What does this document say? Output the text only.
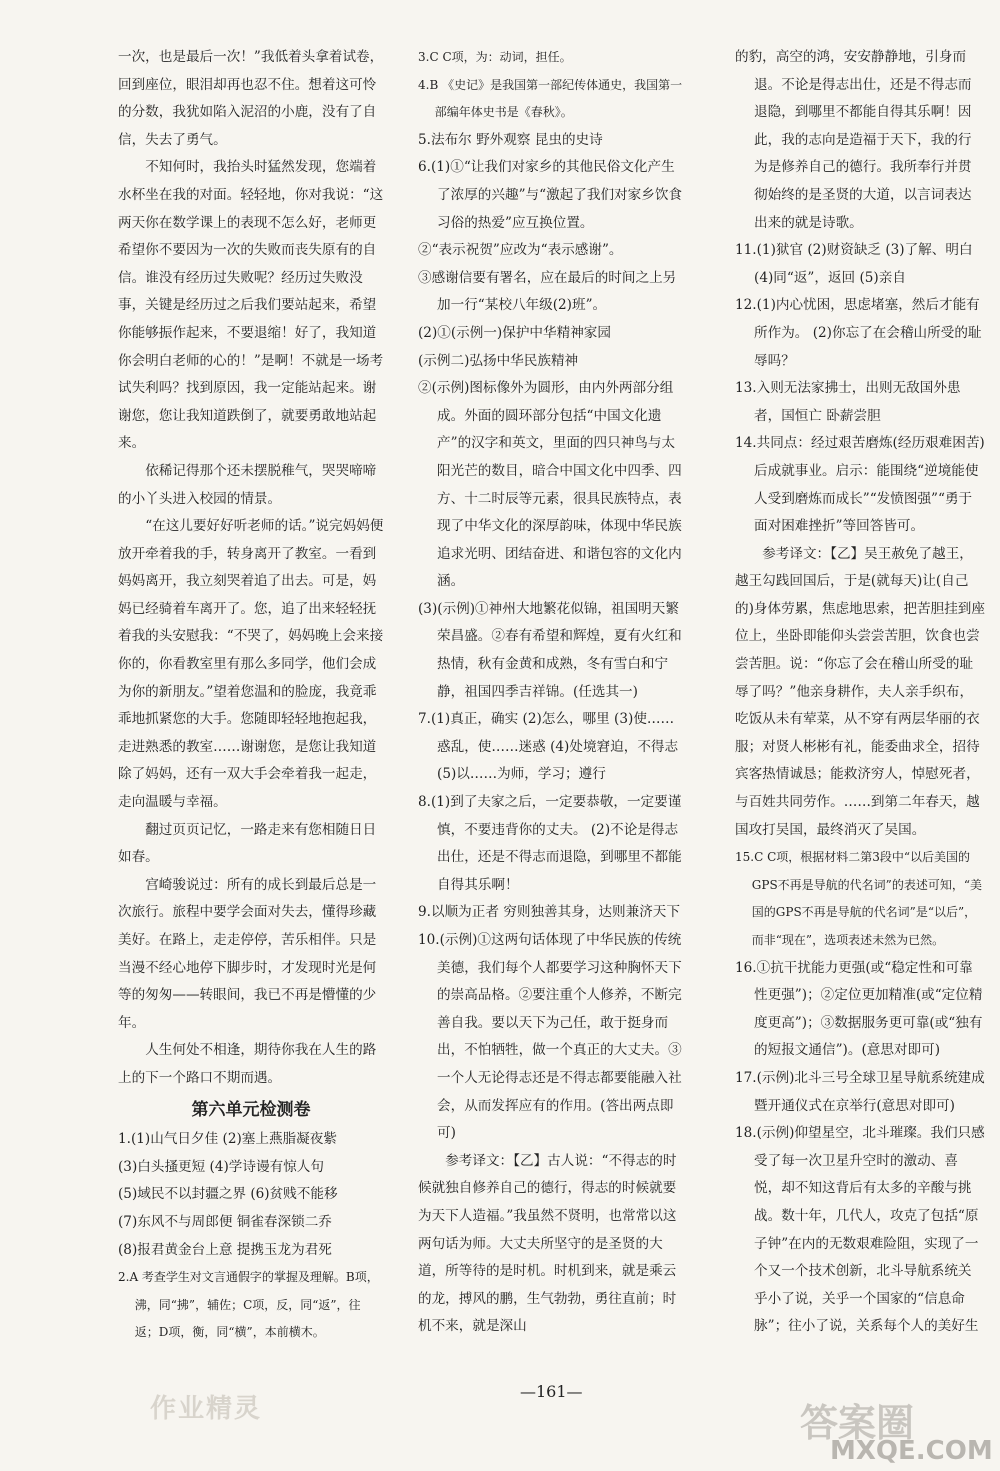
一次，也是最后一次！”我低着头拿着试卷，回到座位，眼泪却再也忍不住。想着这可怜的分数，我犹如陷入泥沼的小鹿，没有了自信，失去了勇气。
不知何时，我抬头时猛然发现，您端着水杯坐在我的对面。轻轻地，你对我说：“这两天你在数学课上的表现不怎么好，老师更希望你不要因为一次的失败而丧失原有的自信。谁没有经历过失败呢？经历过失败没事，关键是经历过之后我们要站起来，希望你能够振作起来，不要退缩！好了，我知道你会明白老师的心的！”是啊！不就是一场考试失利吗？找到原因，我一定能站起来。谢谢您，您让我知道跌倒了，就要勇敢地站起来。
依稀记得那个还未摆脱稚气，哭哭啼啼的小丫头进入校园的情景。
“在这儿要好好听老师的话。”说完妈妈便放开牵着我的手，转身离开了教室。一看到妈妈离开，我立刻哭着追了出去。可是，妈妈已经骑着车离开了。您，追了出来轻轻抚着我的头安慰我：“不哭了，妈妈晚上会来接你的，你看教室里有那么多同学，他们会成为你的新朋友。”望着您温和的脸庞，我竟乖乖地抓紧您的大手。您随即轻轻地抱起我，走进熟悉的教室……谢谢您，是您让我知道除了妈妈，还有一双大手会牵着我一起走，走向温暖与幸福。
翻过页页记忆，一路走来有您相随日日如春。
宫崎骏说过：所有的成长到最后总是一次旅行。旅程中要学会面对失去，懂得珍藏美好。在路上，走走停停，苦乐相伴。只是当漫不经心地停下脚步时，才发现时光是何等的匆匆——转眼间，我已不再是懵懂的少年。
人生何处不相逢，期待你我在人生的路上的下一个路口不期而遇。
第六单元检测卷
1.(1)山气日夕佳 (2)塞上燕脂凝夜紫
(3)白头搔更短 (4)学诗谩有惊人句
(5)域民不以封疆之界 (6)贫贱不能移
(7)东风不与周郎便 铜雀春深锁二乔
(8)报君黄金台上意 提携玉龙为君死
2.A 考查学生对文言通假字的掌握及理解。B项，沸，同“拂”，辅佐；C项，反，同“返”，往返；D项，衡，同“横”，本前横木。
3.C C项，为：动词，担任。
4.B 《史记》是我国第一部纪传体通史，我国第一部编年体史书是《春秋》。
5.法布尔 野外观察 昆虫的史诗
6.(1)①“让我们对家乡的其他民俗文化产生了浓厚的兴趣”与“激起了我们对家乡饮食习俗的热爱”应互换位置。
②“表示祝贺”应改为“表示感谢”。
③感谢信要有署名，应在最后的时间之上另加一行“某校八年级(2)班”。
(2)①(示例一)保护中华精神家园
(示例二)弘扬中华民族精神
②(示例)图标像外为圆形，由内外两部分组成。外面的圆环部分包括“中国文化遗产”的汉字和英文，里面的四只神鸟与太阳光芒的数目，暗合中国文化中四季、四方、十二时辰等元素，很具民族特点，表现了中华文化的深厚韵味，体现中华民族追求光明、团结奋进、和谐包容的文化内涵。
(3)(示例)①神州大地繁花似锦，祖国明天繁荣昌盛。②春有希望和辉煌，夏有火红和热情，秋有金黄和成熟，冬有雪白和宁静，祖国四季吉祥锦。(任选其一)
7.(1)真正，确实 (2)怎么，哪里 (3)使……惑乱，使……迷惑 (4)处境窘迫，不得志 (5)以……为师，学习；遵行
8.(1)到了夫家之后，一定要恭敬，一定要谨慎，不要违背你的丈夫。 (2)不论是得志出仕，还是不得志而退隐，到哪里不都能自得其乐啊！
9.以顺为正者 穷则独善其身，达则兼济天下
10.(示例)①这两句话体现了中华民族的传统美德，我们每个人都要学习这种胸怀天下的崇高品格。②要注重个人修养，不断完善自我。要以天下为己任，敢于挺身而出，不怕牺牲，做一个真正的大丈夫。③一个人无论得志还是不得志都要能融入社会，从而发挥应有的作用。(答出两点即可)
参考译文：【乙】古人说：“不得志的时候就独自修养自己的德行，得志的时候就要为天下人造福。”我虽然不贤明，也常常以这两句话为师。大丈夫所坚守的是圣贤的大道，所等待的是时机。时机到来，就是乘云的龙，搏风的鹏，生气勃勃，勇往直前；时机不来，就是深山
的豹，高空的鸿，安安静静地，引身而退。不论是得志出仕，还是不得志而退隐，到哪里不都能自得其乐啊！因此，我的志向是造福于天下，我的行为是修养自己的德行。我所奉行并贯彻始终的是圣贤的大道，以言词表达出来的就是诗歌。
11.(1)狱官 (2)财资缺乏 (3)了解、明白 (4)同“返”，返回 (5)亲自
12.(1)内心忧困，思虑堵塞，然后才能有所作为。 (2)你忘了在会稽山所受的耻辱吗？
13.入则无法家拂士，出则无敌国外患者，国恒亡 卧薪尝胆
14.共同点：经过艰苦磨炼(经历艰难困苦)后成就事业。启示：能围绕“逆境能使人受到磨炼而成长”“发愤图强”“勇于面对困难挫折”等回答皆可。
参考译文：【乙】吴王赦免了越王，越王勾践回国后，于是(就每天)让(自己的)身体劳累，焦虑地思索，把苦胆挂到座位上，坐卧即能仰头尝尝苦胆，饮食也尝尝苦胆。说：“你忘了会在稽山所受的耻辱了吗？”他亲身耕作，夫人亲手织布，吃饭从未有荤菜，从不穿有两层华丽的衣服；对贤人彬彬有礼，能委曲求全，招待宾客热情诚恳；能救济穷人，悼慰死者，与百姓共同劳作。……到第二年春天，越国攻打吴国，最终消灭了吴国。
15.C C项，根据材料二第3段中“以后美国的GPS不再是导航的代名词”的表述可知，“美国的GPS不再是导航的代名词”是“以后”，而非“现在”，选项表述未然为已然。
16.①抗干扰能力更强(或“稳定性和可靠性更强”)；②定位更加精准(或“定位精度更高”)；③数据服务更可靠(或“独有的短报文通信”)。(意思对即可)
17.(示例)北斗三号全球卫星导航系统建成暨开通仪式在京举行(意思对即可)
18.(示例)仰望星空，北斗璀璨。我们只感受了每一次卫星升空时的激动、喜悦，却不知这背后有太多的辛酸与挑战。数十年，几代人，攻克了包括“原子钟”在内的无数艰难险阻，实现了一个又一个技术创新，北斗导航系统关乎小了说，关乎一个国家的“信息命脉”；往小了说，关系每个人的美好生
—161—
作业精灵	答案圈
MXQE.COM
